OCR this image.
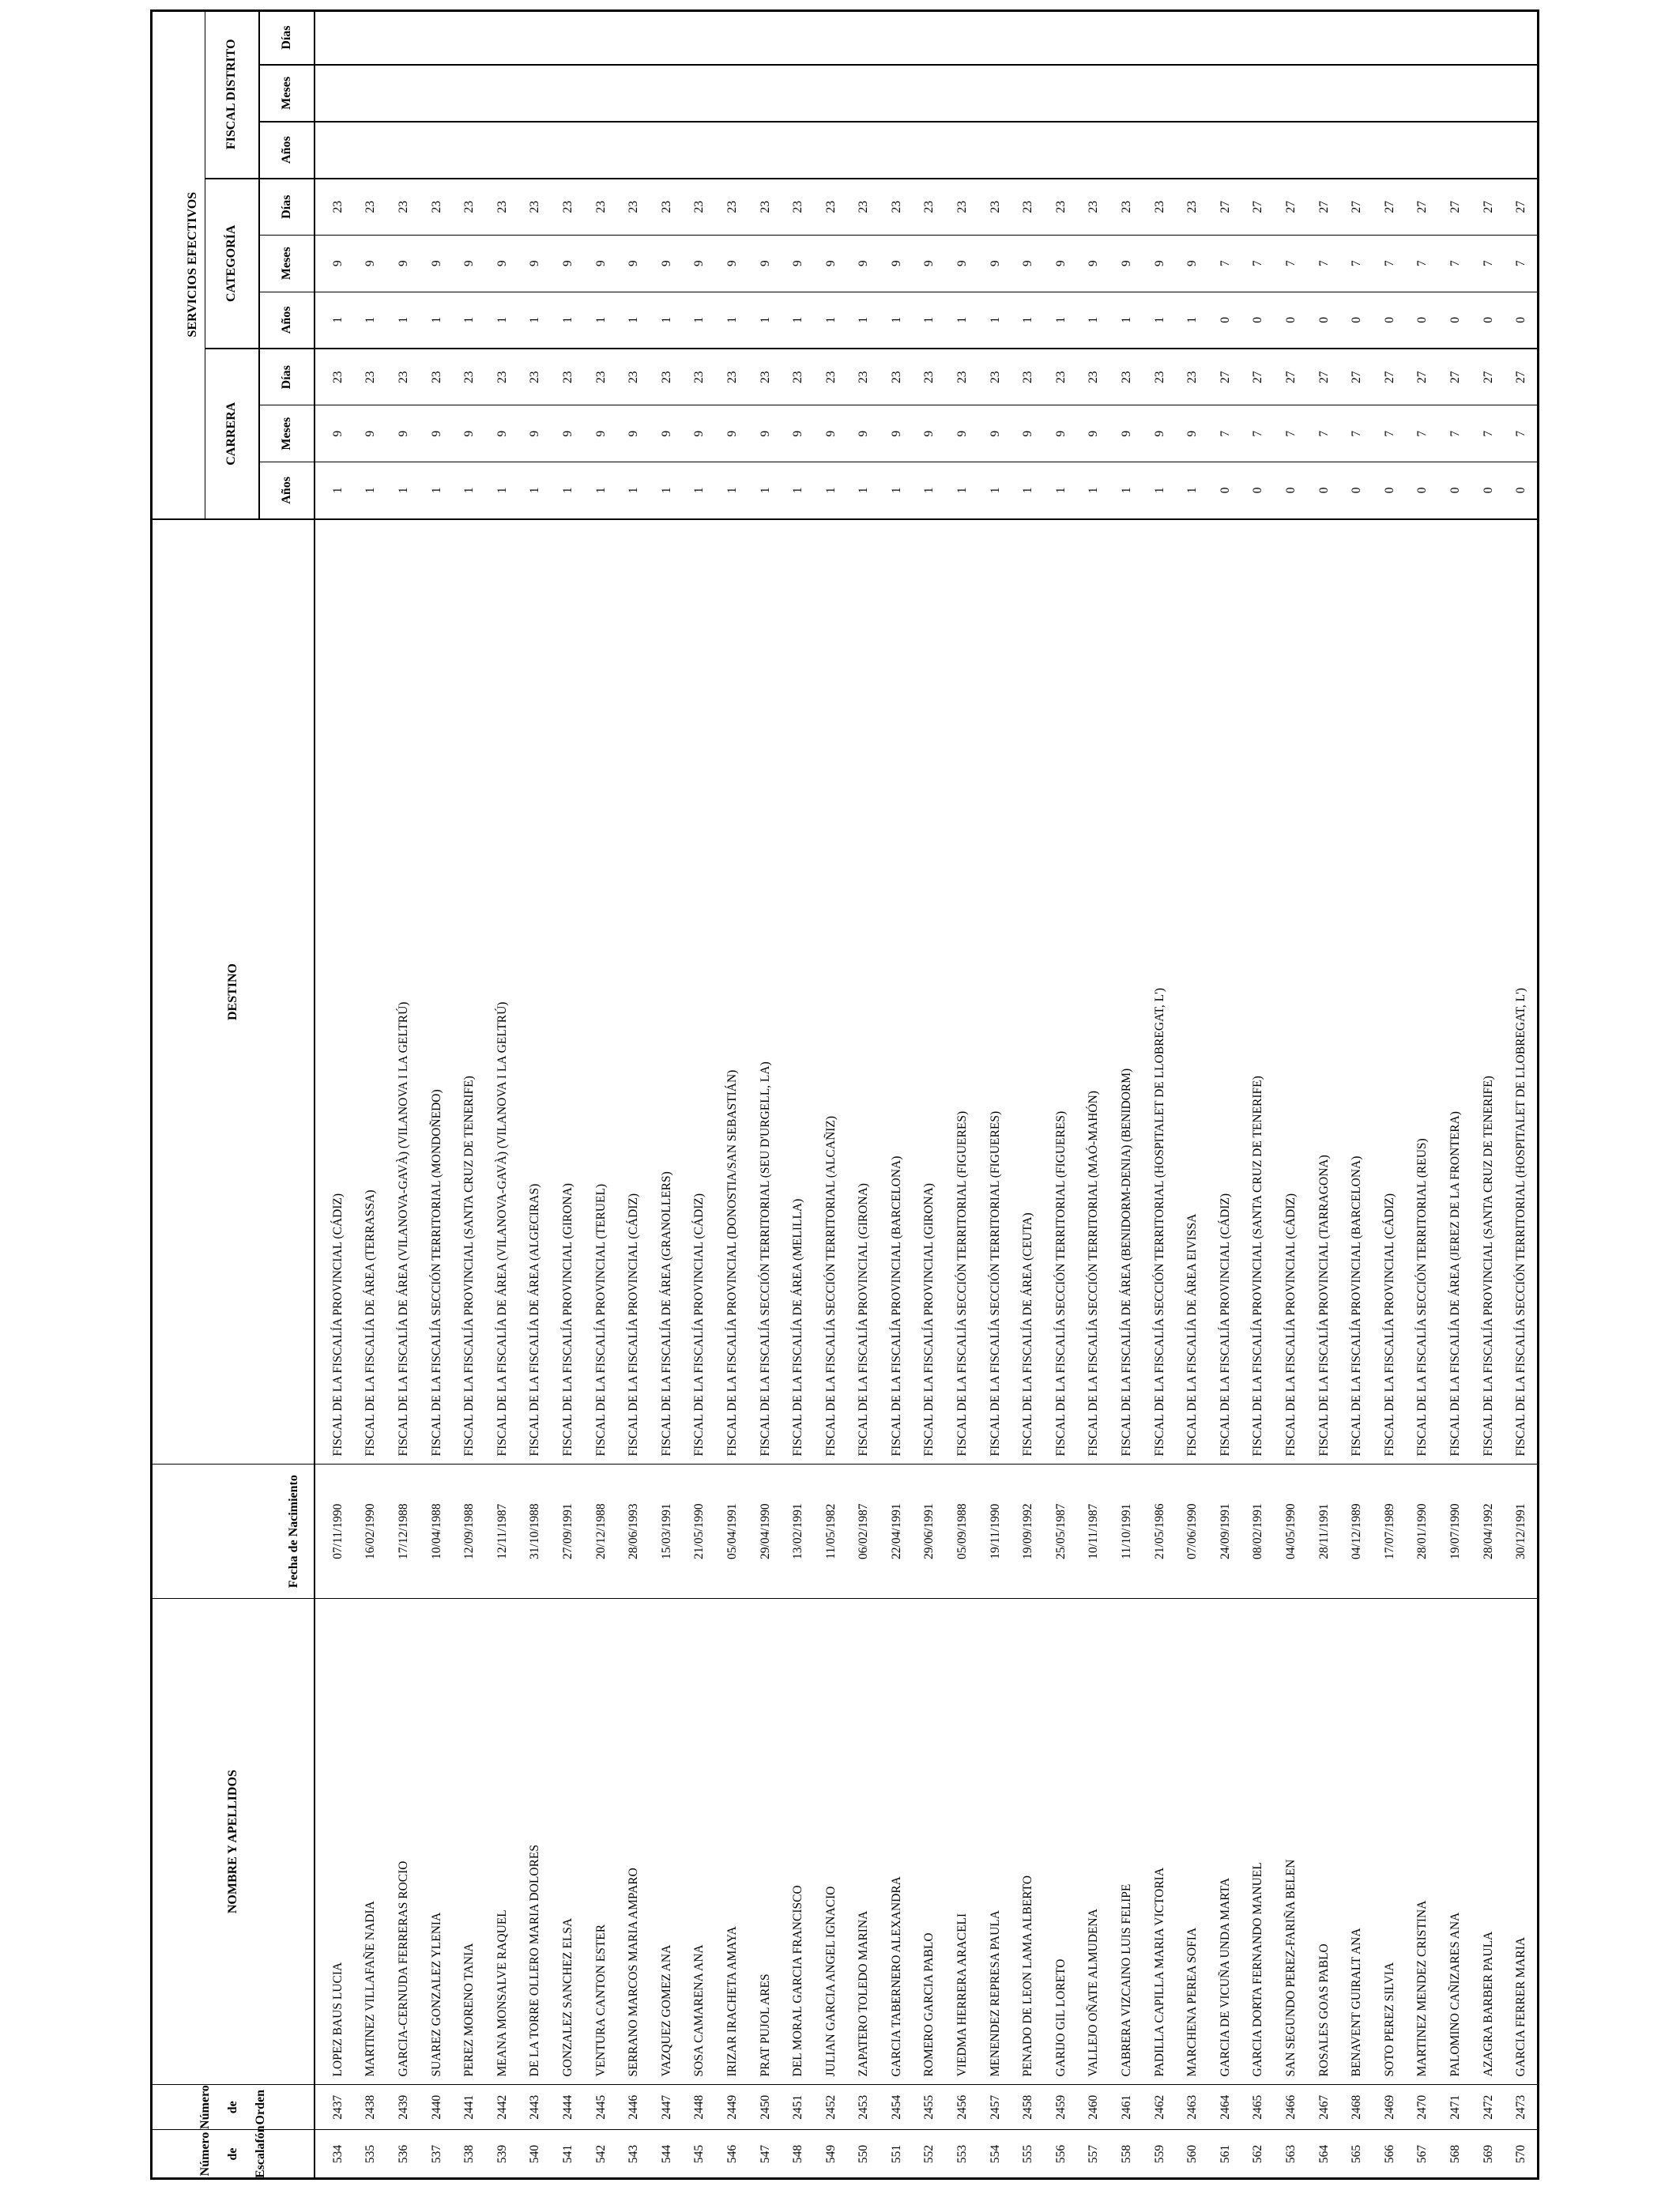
Número de Escalafón	Número de Orden	NOMBRE Y APELLIDOS	Fecha de Nacimiento	DESTINO	SERVICIOS EFECTIVOS								
					CARRERA			CATEGORÍA			FISCAL DISTRITO		
					Años	Meses	Días	Años	Meses	Días	Años	Meses	Días
534	2437	LOPEZ BAUS LUCIA	07/11/1990	FISCAL DE LA FISCALÍA PROVINCIAL (CÁDIZ)	1	9	23	1	9	23			
535	2438	MARTINEZ VILLAFAÑE NADIA	16/02/1990	FISCAL DE LA FISCALÍA DE ÁREA (TERRASSA)	1	9	23	1	9	23			
536	2439	GARCIA-CERNUDA FERRERAS ROCIO	17/12/1988	FISCAL DE LA FISCALÍA DE ÁREA (VILANOVA-GAVÀ) (VILANOVA I LA GELTRÚ)	1	9	23	1	9	23			
537	2440	SUAREZ GONZALEZ YLENIA	10/04/1988	FISCAL DE LA FISCALÍA SECCIÓN TERRITORIAL (MONDOÑEDO)	1	9	23	1	9	23			
538	2441	PEREZ MORENO TANIA	12/09/1988	FISCAL DE LA FISCALÍA PROVINCIAL (SANTA CRUZ DE TENERIFE)	1	9	23	1	9	23			
539	2442	MEANA MONSALVE RAQUEL	12/11/1987	FISCAL DE LA FISCALÍA DE ÁREA (VILANOVA-GAVÀ) (VILANOVA I LA GELTRÚ)	1	9	23	1	9	23			
540	2443	DE LA TORRE OLLERO MARIA DOLORES	31/10/1988	FISCAL DE LA FISCALÍA DE ÁREA (ALGECIRAS)	1	9	23	1	9	23			
541	2444	GONZALEZ SANCHEZ ELSA	27/09/1991	FISCAL DE LA FISCALÍA PROVINCIAL (GIRONA)	1	9	23	1	9	23			
542	2445	VENTURA CANTON ESTER	20/12/1988	FISCAL DE LA FISCALÍA PROVINCIAL (TERUEL)	1	9	23	1	9	23			
543	2446	SERRANO MARCOS MARIA AMPARO	28/06/1993	FISCAL DE LA FISCALÍA PROVINCIAL (CÁDIZ)	1	9	23	1	9	23			
544	2447	VAZQUEZ GOMEZ ANA	15/03/1991	FISCAL DE LA FISCALÍA DE ÁREA (GRANOLLERS)	1	9	23	1	9	23			
545	2448	SOSA CAMARENA ANA	21/05/1990	FISCAL DE LA FISCALÍA PROVINCIAL (CÁDIZ)	1	9	23	1	9	23			
546	2449	IRIZAR IRACHETA AMAYA	05/04/1991	FISCAL DE LA FISCALÍA PROVINCIAL (DONOSTIA/SAN SEBASTIÁN)	1	9	23	1	9	23			
547	2450	PRAT PUJOL ARES	29/04/1990	FISCAL DE LA FISCALÍA SECCIÓN TERRITORIAL (SEU D'URGELL, LA)	1	9	23	1	9	23			
548	2451	DEL MORAL GARCIA FRANCISCO	13/02/1991	FISCAL DE LA FISCALÍA DE ÁREA (MELILLA)	1	9	23	1	9	23			
549	2452	JULIAN GARCIA ANGEL IGNACIO	11/05/1982	FISCAL DE LA FISCALÍA SECCIÓN TERRITORIAL (ALCAÑIZ)	1	9	23	1	9	23			
550	2453	ZAPATERO TOLEDO MARINA	06/02/1987	FISCAL DE LA FISCALÍA PROVINCIAL (GIRONA)	1	9	23	1	9	23			
551	2454	GARCIA TABERNERO ALEXANDRA	22/04/1991	FISCAL DE LA FISCALÍA PROVINCIAL (BARCELONA)	1	9	23	1	9	23			
552	2455	ROMERO GARCIA PABLO	29/06/1991	FISCAL DE LA FISCALÍA PROVINCIAL (GIRONA)	1	9	23	1	9	23			
553	2456	VIEDMA HERRERA ARACELI	05/09/1988	FISCAL DE LA FISCALÍA SECCIÓN TERRITORIAL (FIGUERES)	1	9	23	1	9	23			
554	2457	MENENDEZ REPRESA PAULA	19/11/1990	FISCAL DE LA FISCALÍA SECCIÓN TERRITORIAL (FIGUERES)	1	9	23	1	9	23			
555	2458	PENADO DE LEON LAMA ALBERTO	19/09/1992	FISCAL DE LA FISCALÍA DE ÁREA (CEUTA)	1	9	23	1	9	23			
556	2459	GARIJO GIL LORETO	25/05/1987	FISCAL DE LA FISCALÍA SECCIÓN TERRITORIAL (FIGUERES)	1	9	23	1	9	23			
557	2460	VALLEJO OÑATE ALMUDENA	10/11/1987	FISCAL DE LA FISCALÍA SECCIÓN TERRITORIAL (MAÓ-MAHÓN)	1	9	23	1	9	23			
558	2461	CABRERA VIZCAINO LUIS FELIPE	11/10/1991	FISCAL DE LA FISCALÍA DE ÁREA (BENIDORM-DENIA) (BENIDORM)	1	9	23	1	9	23			
559	2462	PADILLA CAPILLA MARIA VICTORIA	21/05/1986	FISCAL DE LA FISCALÍA SECCIÓN TERRITORIAL (HOSPITALET DE LLOBREGAT, L')	1	9	23	1	9	23			
560	2463	MARCHENA PEREA SOFIA	07/06/1990	FISCAL DE LA FISCALÍA DE ÁREA EIVISSA	1	9	23	1	9	23			
561	2464	GARCIA DE VICUÑA UNDA MARTA	24/09/1991	FISCAL DE LA FISCALÍA PROVINCIAL (CÁDIZ)	0	7	27	0	7	27			
562	2465	GARCIA DORTA FERNANDO MANUEL	08/02/1991	FISCAL DE LA FISCALÍA PROVINCIAL (SANTA CRUZ DE TENERIFE)	0	7	27	0	7	27			
563	2466	SAN SEGUNDO PEREZ-FARIÑA BELEN	04/05/1990	FISCAL DE LA FISCALÍA PROVINCIAL (CÁDIZ)	0	7	27	0	7	27			
564	2467	ROSALES GOAS PABLO	28/11/1991	FISCAL DE LA FISCALÍA PROVINCIAL (TARRAGONA)	0	7	27	0	7	27			
565	2468	BENAVENT GUIRALT ANA	04/12/1989	FISCAL DE LA FISCALÍA PROVINCIAL (BARCELONA)	0	7	27	0	7	27			
566	2469	SOTO PEREZ SILVIA	17/07/1989	FISCAL DE LA FISCALÍA PROVINCIAL (CÁDIZ)	0	7	27	0	7	27			
567	2470	MARTINEZ MENDEZ CRISTINA	28/01/1990	FISCAL DE LA FISCALÍA SECCIÓN TERRITORIAL (REUS)	0	7	27	0	7	27			
568	2471	PALOMINO CAÑIZARES ANA	19/07/1990	FISCAL DE LA FISCALÍA DE ÁREA (JEREZ DE LA FRONTERA)	0	7	27	0	7	27			
569	2472	AZAGRA BARBER PAULA	28/04/1992	FISCAL DE LA FISCALÍA PROVINCIAL (SANTA CRUZ DE TENERIFE)	0	7	27	0	7	27			
570	2473	GARCIA FERRER MARIA	30/12/1991	FISCAL DE LA FISCALÍA SECCIÓN TERRITORIAL (HOSPITALET DE LLOBREGAT, L')	0	7	27	0	7	27			
